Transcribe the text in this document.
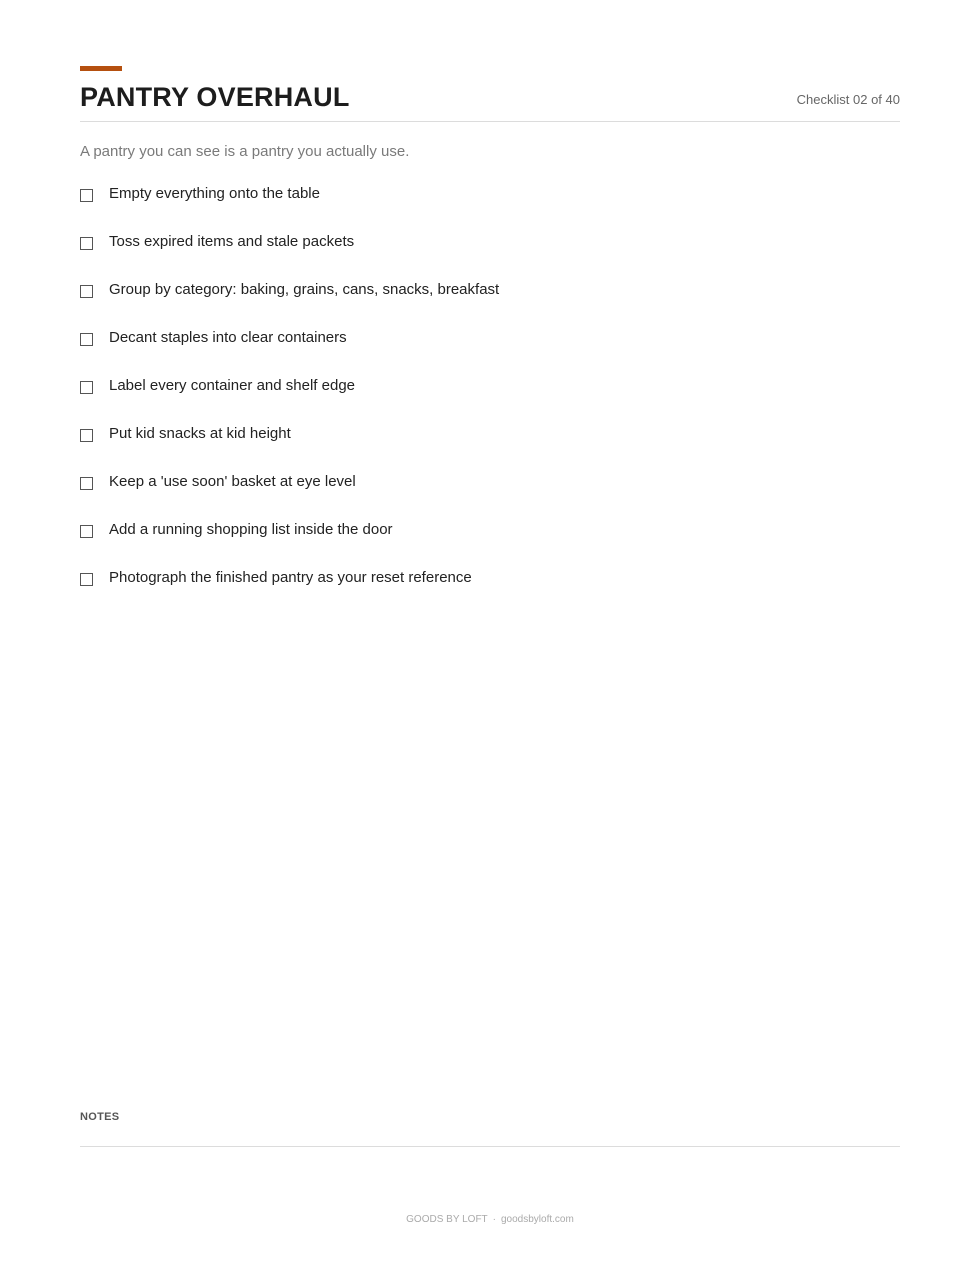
PANTRY OVERHAUL	Checklist 02 of 40
A pantry you can see is a pantry you actually use.
Empty everything onto the table
Toss expired items and stale packets
Group by category: baking, grains, cans, snacks, breakfast
Decant staples into clear containers
Label every container and shelf edge
Put kid snacks at kid height
Keep a 'use soon' basket at eye level
Add a running shopping list inside the door
Photograph the finished pantry as your reset reference
NOTES
GOODS BY LOFT · goodsbyloft.com
